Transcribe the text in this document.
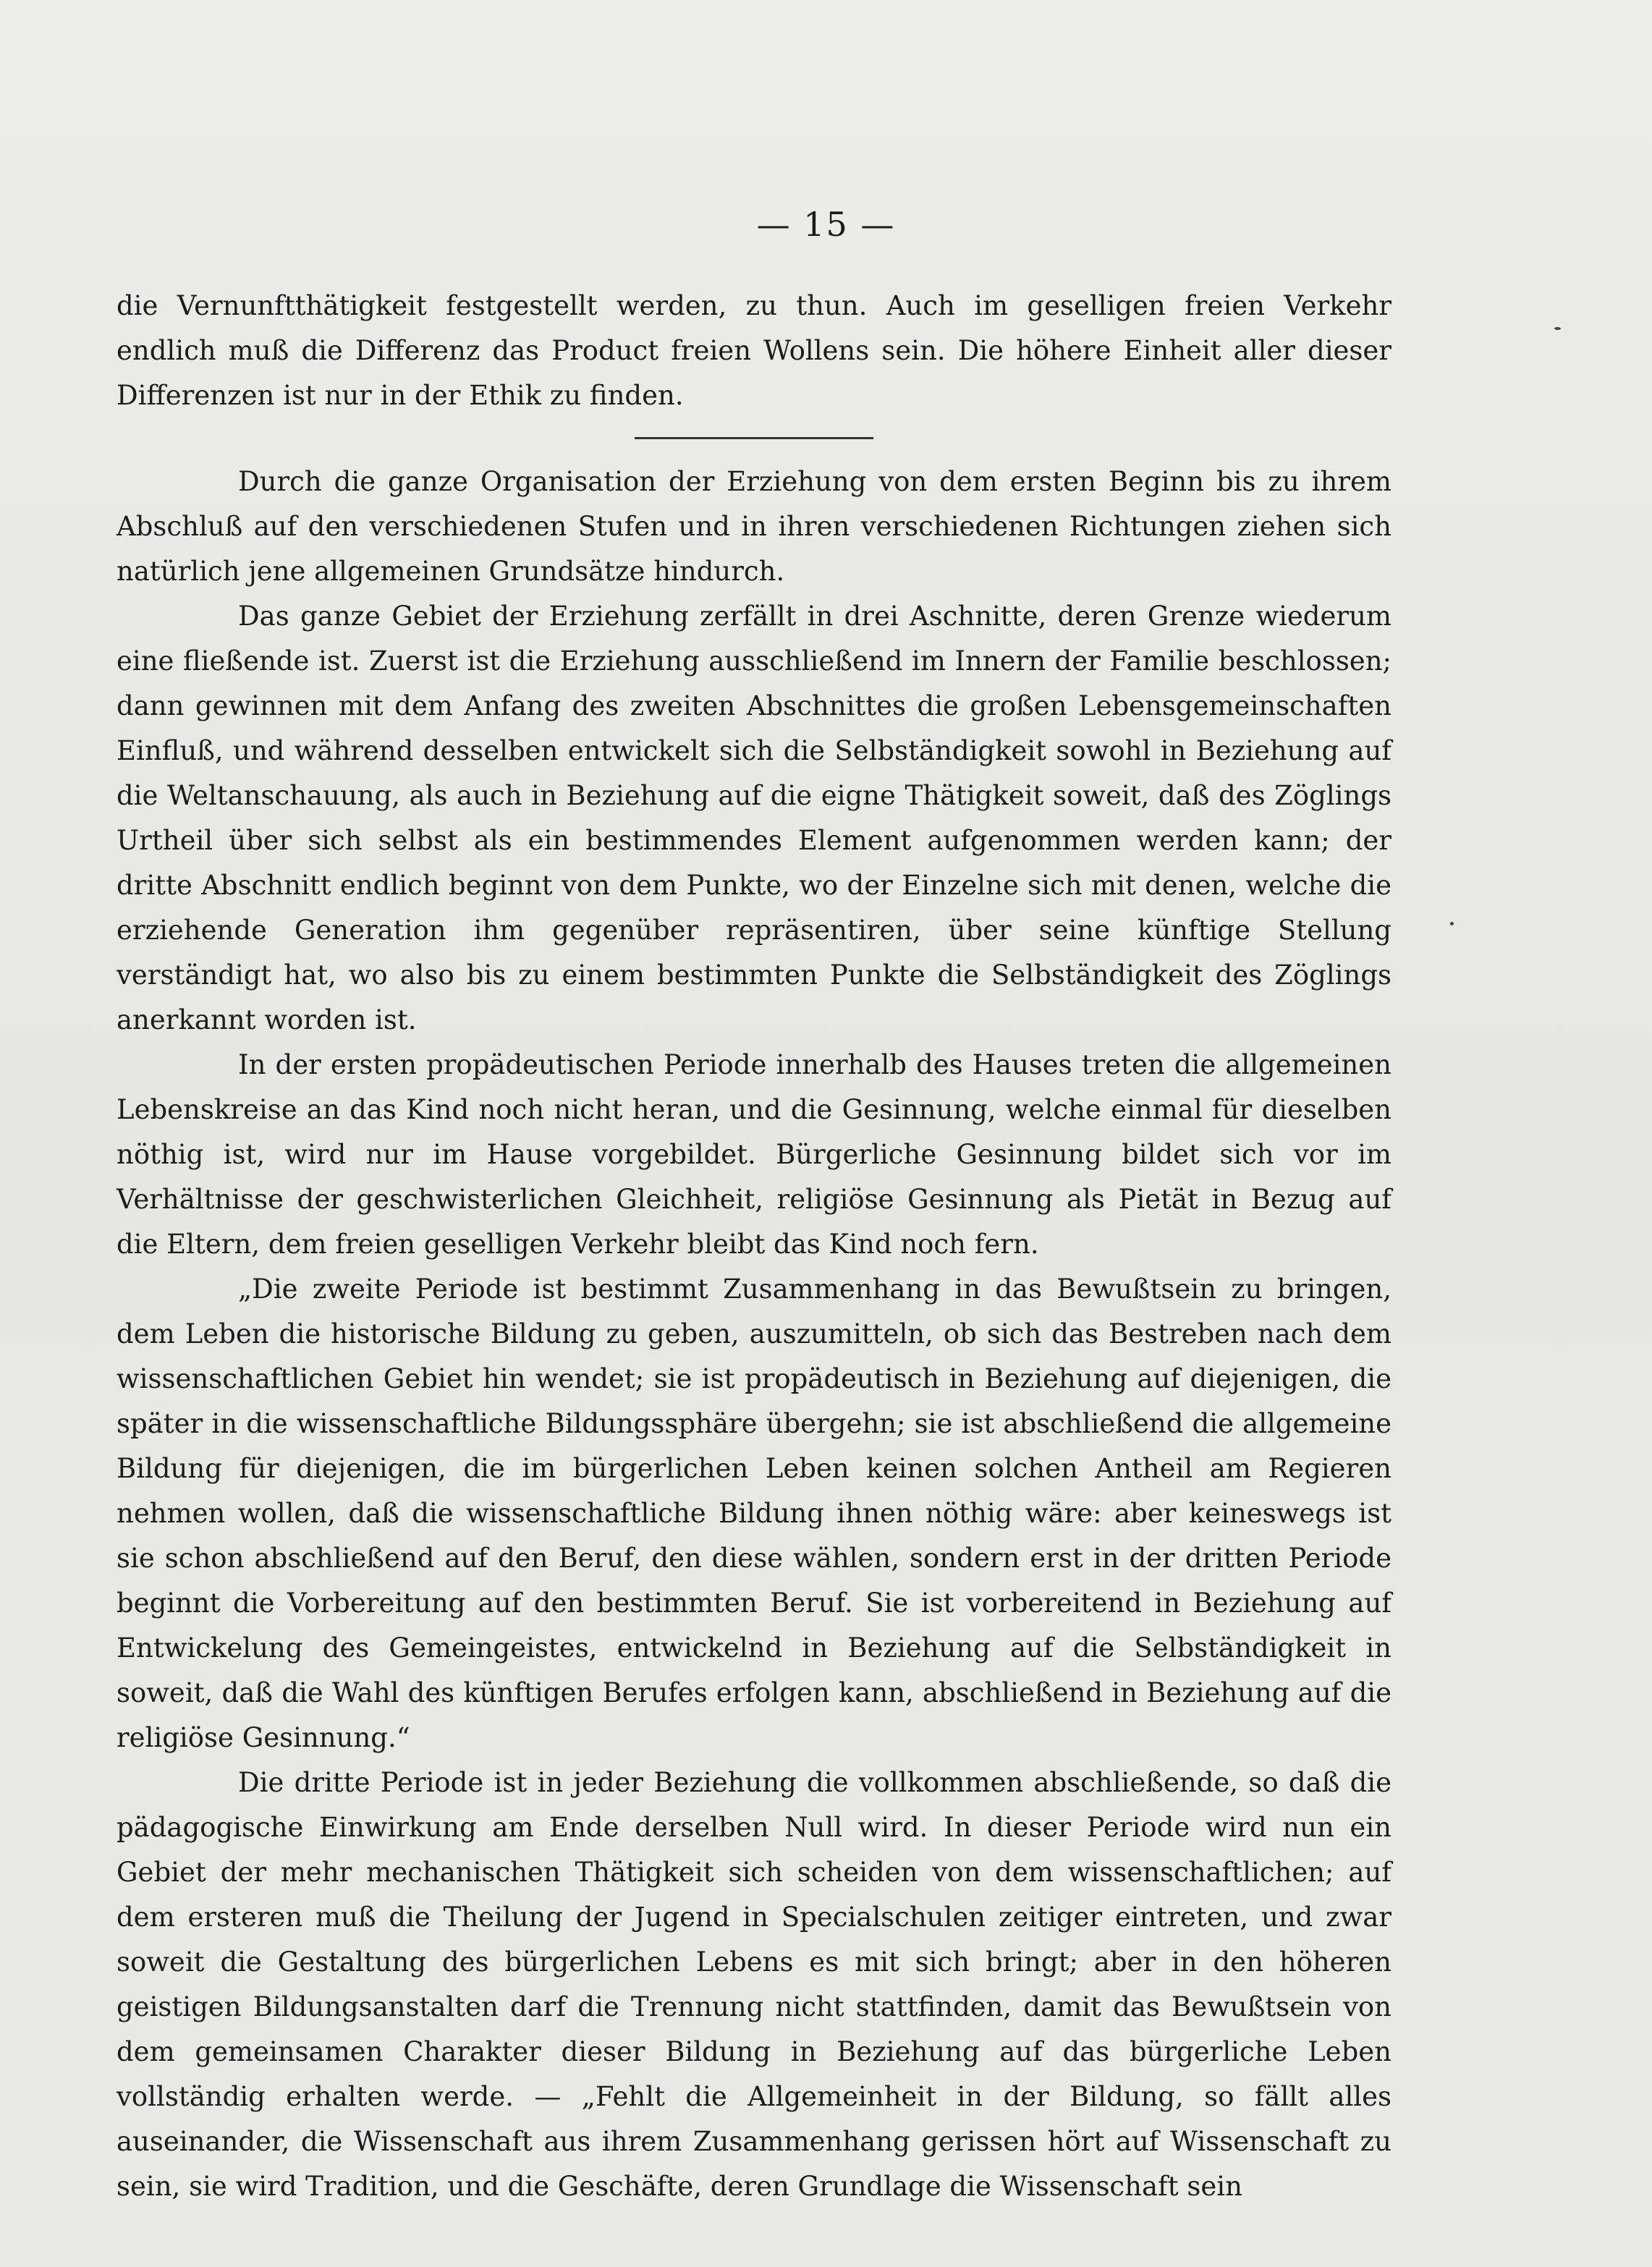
— 15 —

die Vernunftthätigkeit festgestellt werden, zu thun. Auch im geselligen freien Verkehr endlich muß die Differenz das Product freien Wollens sein. Die höhere Einheit aller dieser Differenzen ist nur in der Ethik zu finden.

Durch die ganze Organisation der Erziehung von dem ersten Beginn bis zu ihrem Abschluß auf den verschiedenen Stufen und in ihren verschiedenen Richtungen ziehen sich natürlich jene allgemeinen Grundsätze hindurch.

Das ganze Gebiet der Erziehung zerfällt in drei Aschnitte, deren Grenze wiederum eine fließende ist. Zuerst ist die Erziehung ausschließend im Innern der Familie beschlossen; dann gewinnen mit dem Anfang des zweiten Abschnittes die großen Lebensgemeinschaften Einfluß, und während desselben entwickelt sich die Selbständigkeit sowohl in Beziehung auf die Weltanschauung, als auch in Beziehung auf die eigne Thätigkeit soweit, daß des Zöglings Urtheil über sich selbst als ein bestimmendes Element aufgenommen werden kann; der dritte Abschnitt endlich beginnt von dem Punkte, wo der Einzelne sich mit denen, welche die erziehende Generation ihm gegenüber repräsentiren, über seine künftige Stellung verständigt hat, wo also bis zu einem bestimmten Punkte die Selbständigkeit des Zöglings anerkannt worden ist.

In der ersten propädeutischen Periode innerhalb des Hauses treten die allgemeinen Lebenskreise an das Kind noch nicht heran, und die Gesinnung, welche einmal für dieselben nöthig ist, wird nur im Hause vorgebildet. Bürgerliche Gesinnung bildet sich vor im Verhältnisse der geschwisterlichen Gleichheit, religiöse Gesinnung als Pietät in Bezug auf die Eltern, dem freien geselligen Verkehr bleibt das Kind noch fern.

„Die zweite Periode ist bestimmt Zusammenhang in das Bewußtsein zu bringen, dem Leben die historische Bildung zu geben, auszumitteln, ob sich das Bestreben nach dem wissenschaftlichen Gebiet hin wendet; sie ist propädeutisch in Beziehung auf diejenigen, die später in die wissenschaftliche Bildungssphäre übergehn; sie ist abschließend die allgemeine Bildung für diejenigen, die im bürgerlichen Leben keinen solchen Antheil am Regieren nehmen wollen, daß die wissenschaftliche Bildung ihnen nöthig wäre: aber keineswegs ist sie schon abschließend auf den Beruf, den diese wählen, sondern erst in der dritten Periode beginnt die Vorbereitung auf den bestimmten Beruf. Sie ist vorbereitend in Beziehung auf Entwickelung des Gemeingeistes, entwickelnd in Beziehung auf die Selbständigkeit in soweit, daß die Wahl des künftigen Berufes erfolgen kann, abschließend in Beziehung auf die religiöse Gesinnung.“

Die dritte Periode ist in jeder Beziehung die vollkommen abschließende, so daß die pädagogische Einwirkung am Ende derselben Null wird. In dieser Periode wird nun ein Gebiet der mehr mechanischen Thätigkeit sich scheiden von dem wissenschaftlichen; auf dem ersteren muß die Theilung der Jugend in Specialschulen zeitiger eintreten, und zwar soweit die Gestaltung des bürgerlichen Lebens es mit sich bringt; aber in den höheren geistigen Bildungsanstalten darf die Trennung nicht stattfinden, damit das Bewußtsein von dem gemeinsamen Charakter dieser Bildung in Beziehung auf das bürgerliche Leben vollständig erhalten werde. — „Fehlt die Allgemeinheit in der Bildung, so fällt alles auseinander, die Wissenschaft aus ihrem Zusammenhang gerissen hört auf Wissenschaft zu sein, sie wird Tradition, und die Geschäfte, deren Grundlage die Wissenschaft sein
